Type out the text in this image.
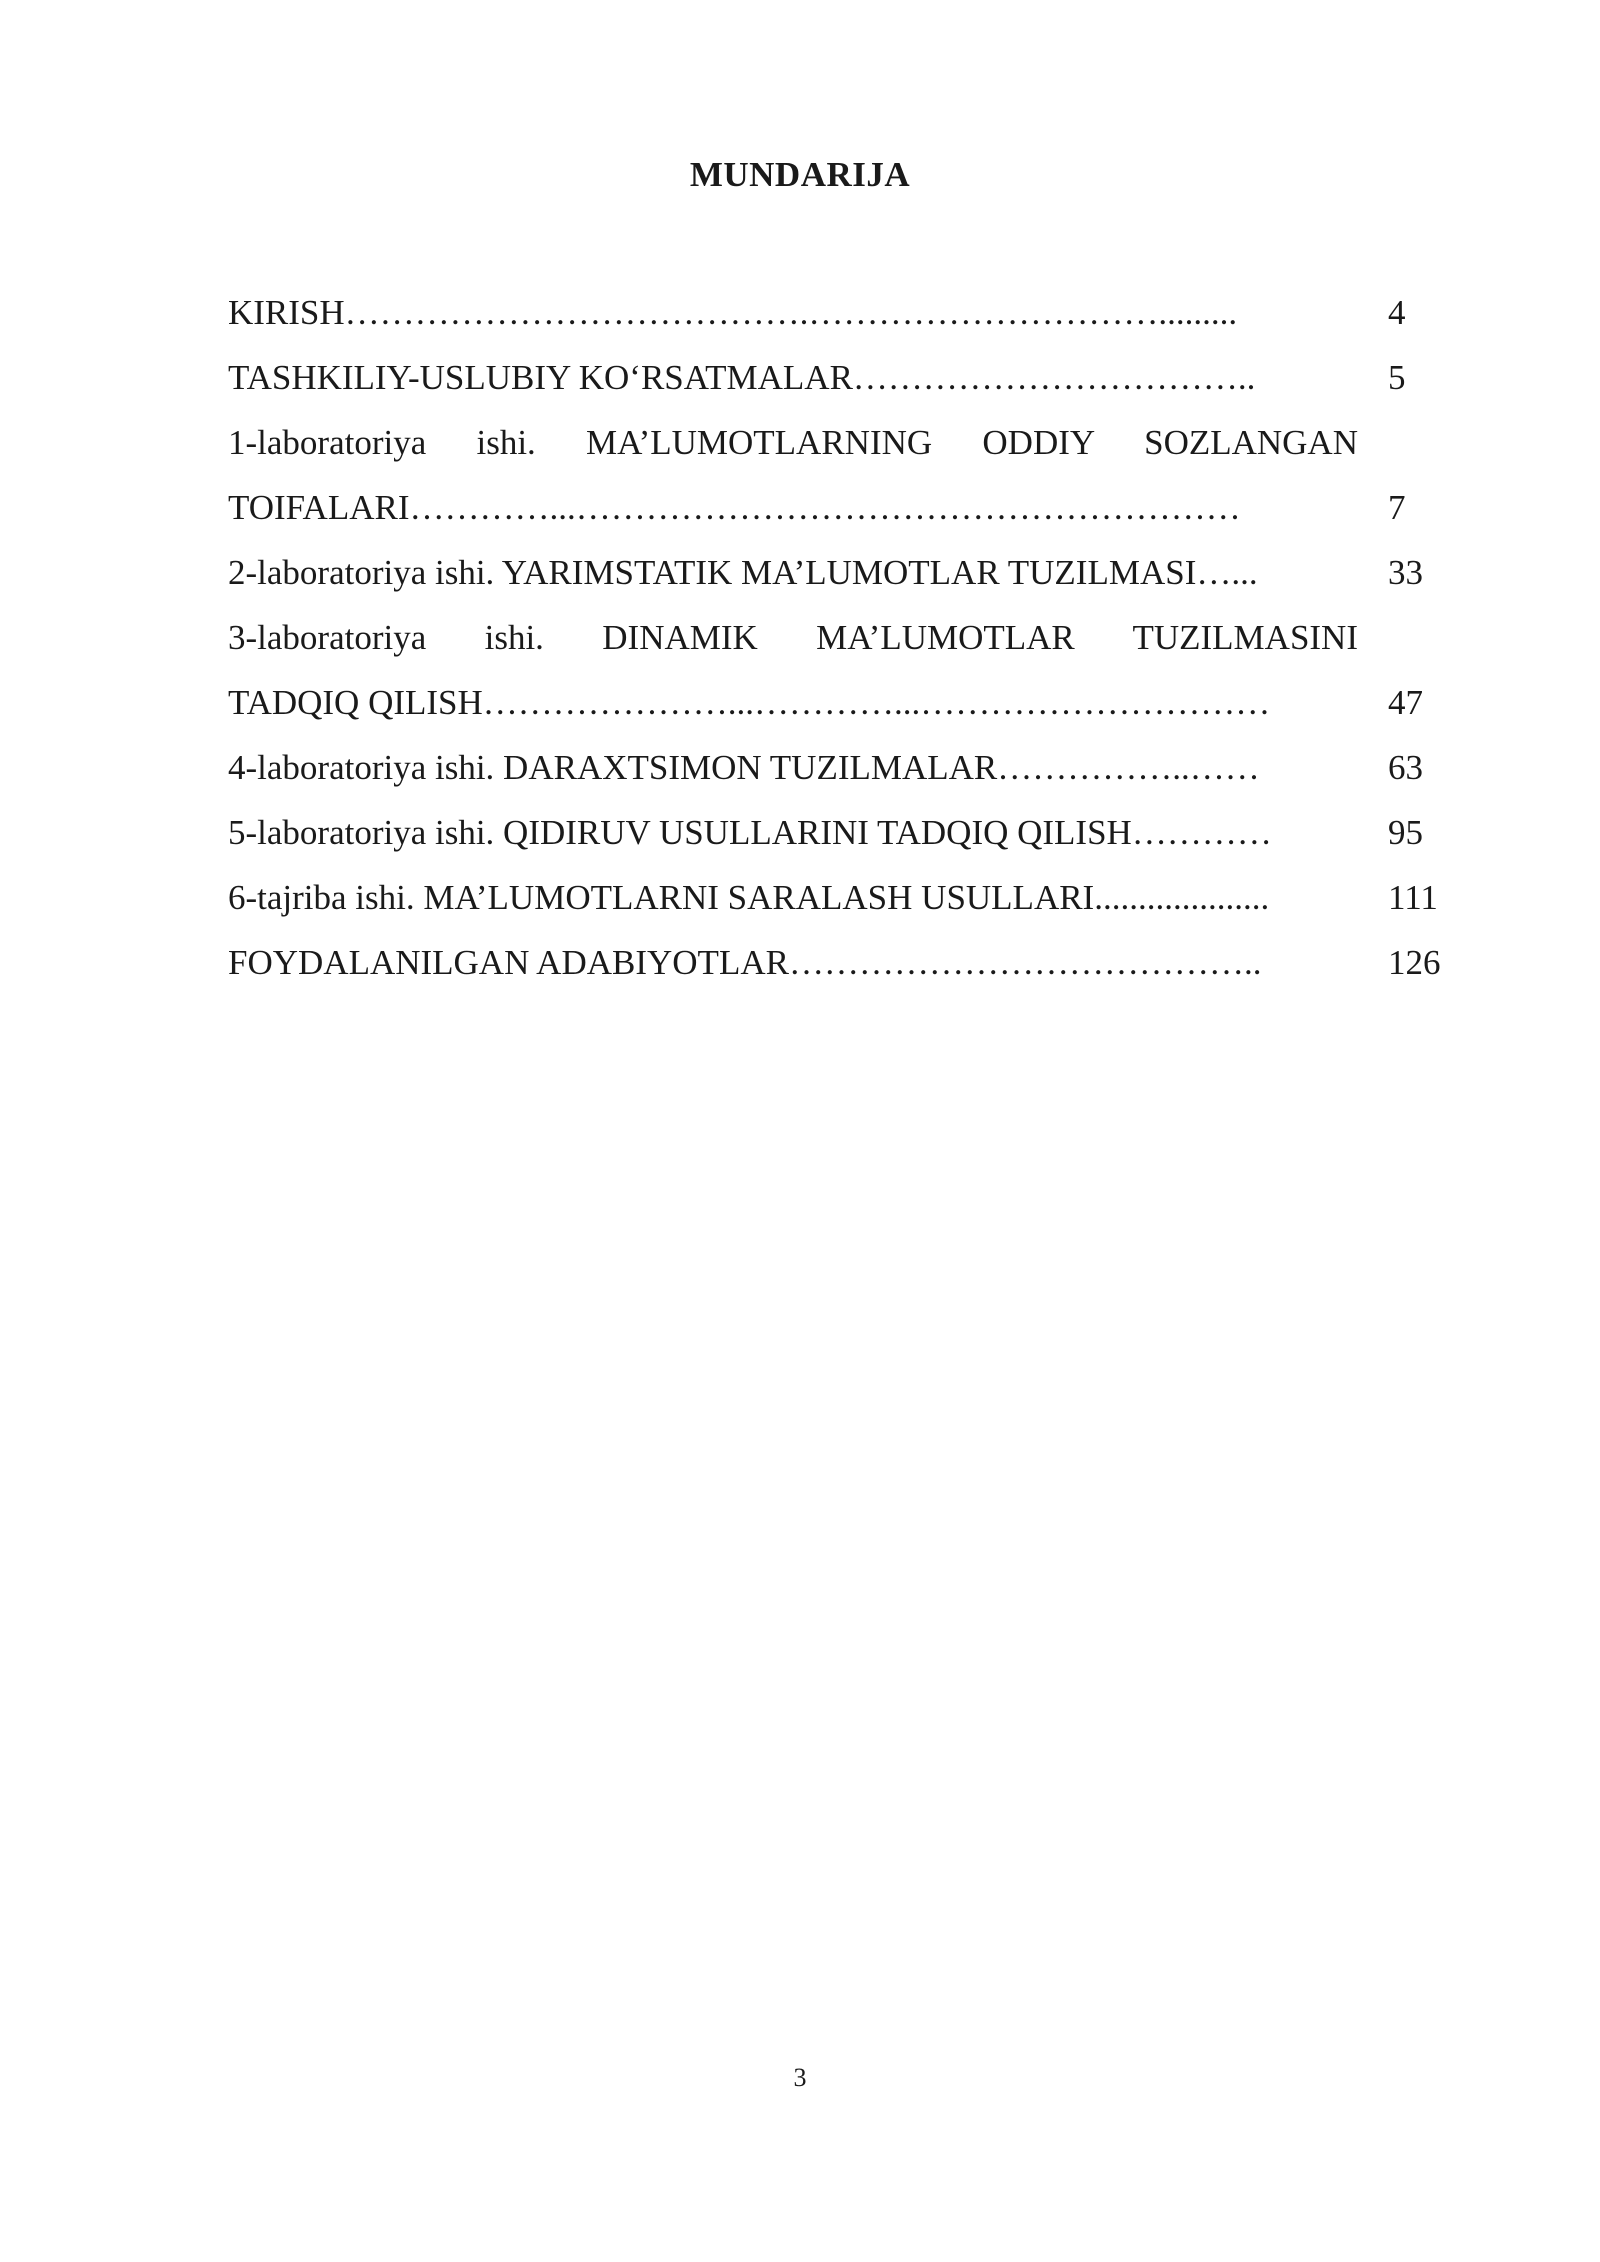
MUNDARIJA
KIRISH………………………………….………………………….........	4
TASHKILIY-USLUBIY KO‘RSATMALAR……………………………..	5
1-laboratoriya ishi. MA’LUMOTLARNING ODDIY SOZLANGAN
TOIFALARI…………...…………………………………………………	7
2-laboratoriya ishi. YARIMSTATIK MA’LUMOTLAR TUZILMASI…...	33
3-laboratoriya ishi. DINAMIK MA’LUMOTLAR TUZILMASINI
TADQIQ QILISH…………………...…………...…………………………	47
4-laboratoriya ishi. DARAXTSIMON TUZILMALAR……………..……	63
5-laboratoriya ishi. QIDIRUV USULLARINI TADQIQ QILISH…………	95
6-tajriba ishi. MA’LUMOTLARNI SARALASH USULLARI....................	111
FOYDALANILGAN ADABIYOTLAR…………………………………..	126
3
